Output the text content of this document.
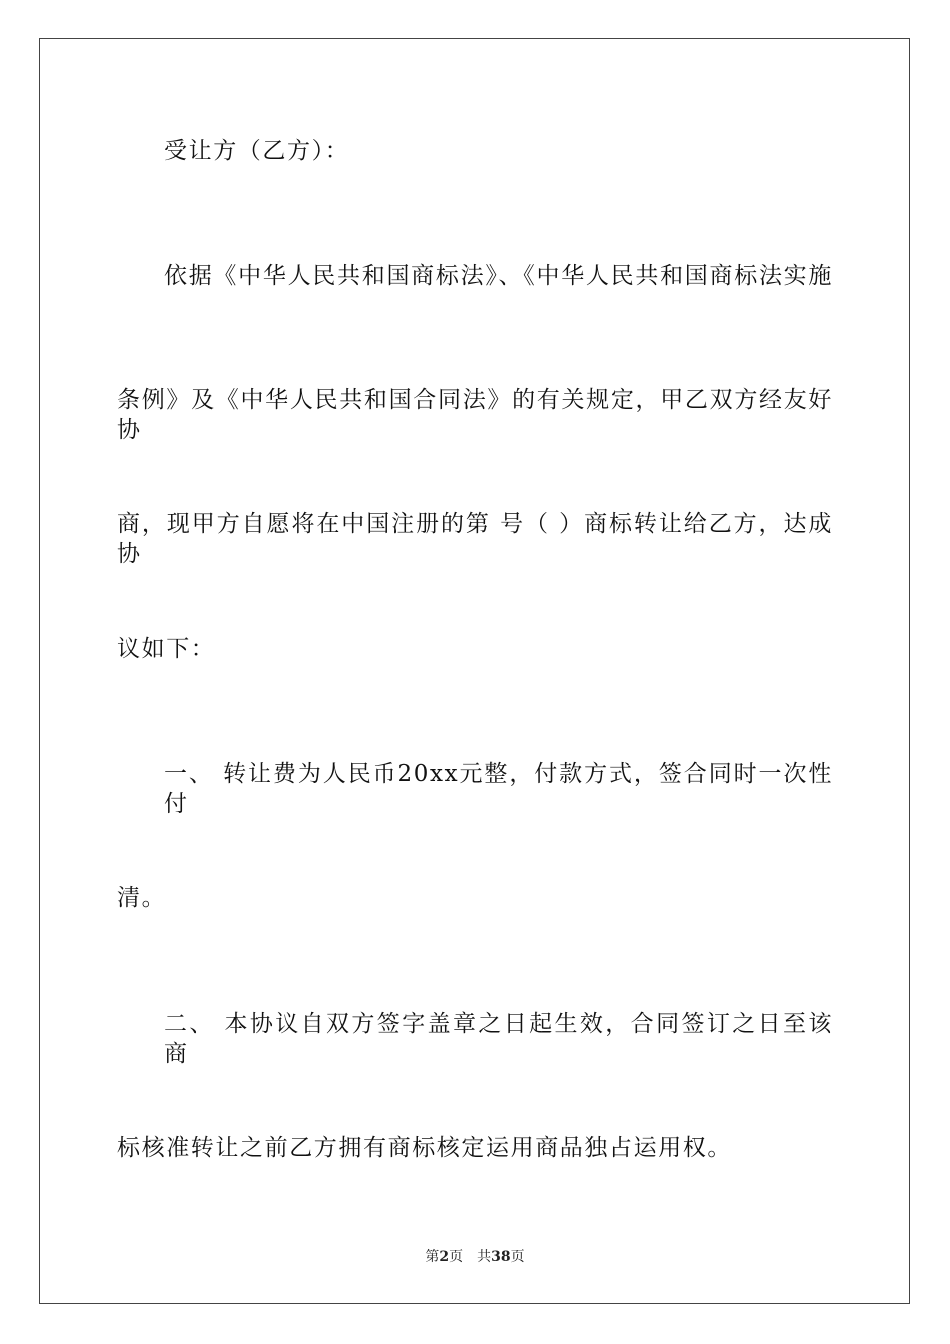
受让方（乙方）：
依据《中华人民共和国商标法》、《中华人民共和国商标法实施
条例》及《中华人民共和国合同法》的有关规定，甲乙双方经友好协
商，现甲方自愿将在中国注册的第 号（ ）商标转让给乙方，达成协
议如下：
一、 转让费为人民币20xx元整，付款方式，签合同时一次性付
清。
二、 本协议自双方签字盖章之日起生效，合同签订之日至该商
标核准转让之前乙方拥有商标核定运用商品独占运用权。
第2页 共38页
